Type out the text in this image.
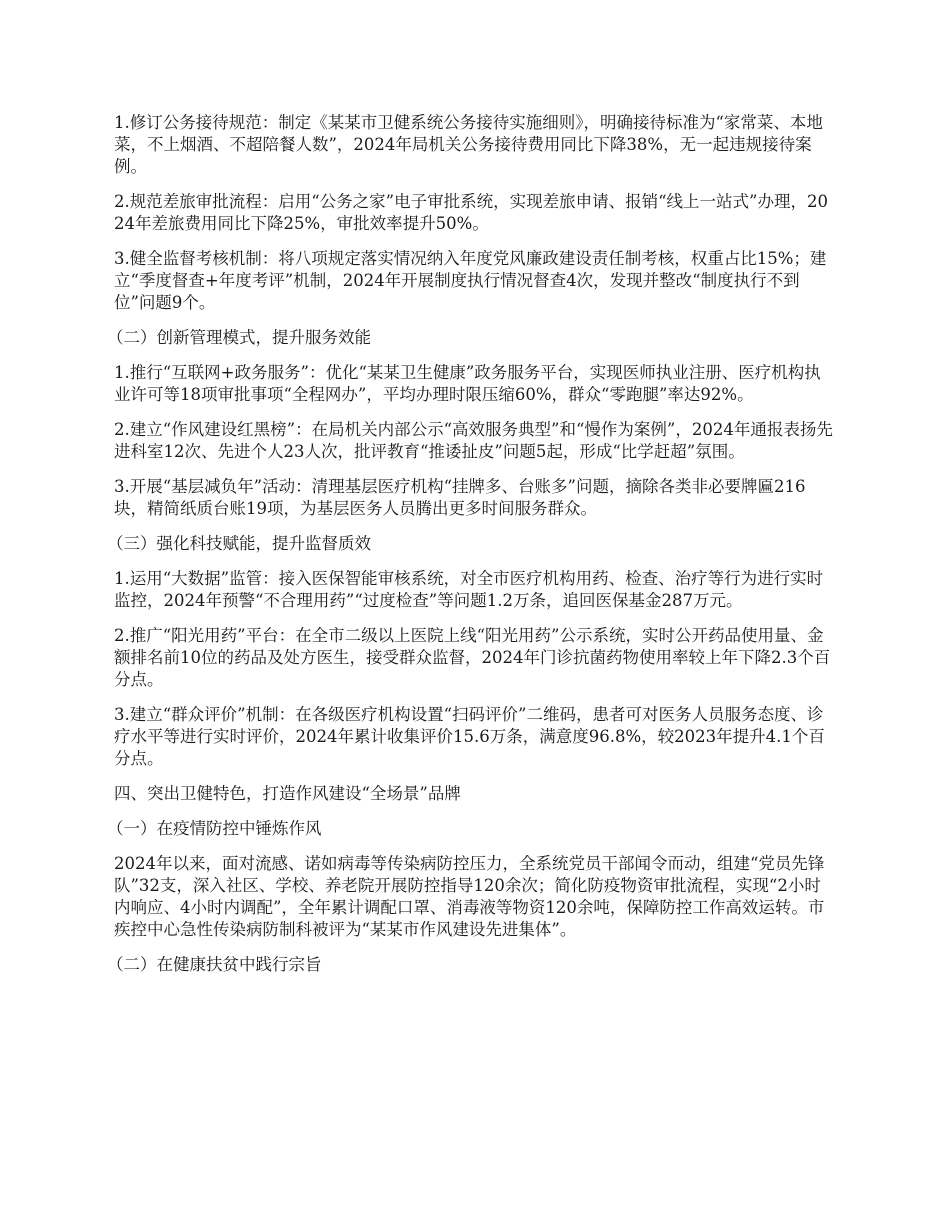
1.修订公务接待规范：制定《某某市卫健系统公务接待实施细则》，明确接待标准为“家常菜、本地菜，不上烟酒、不超陪餐人数”，2024年局机关公务接待费用同比下降38%，无一起违规接待案例。

2.规范差旅审批流程：启用“公务之家”电子审批系统，实现差旅申请、报销“线上一站式”办理，2024年差旅费用同比下降25%，审批效率提升50%。

3.健全监督考核机制：将八项规定落实情况纳入年度党风廉政建设责任制考核，权重占比15%；建立“季度督查+年度考评”机制，2024年开展制度执行情况督查4次，发现并整改“制度执行不到位”问题9个。

（二）创新管理模式，提升服务效能

1.推行“互联网+政务服务”：优化“某某卫生健康”政务服务平台，实现医师执业注册、医疗机构执业许可等18项审批事项“全程网办”，平均办理时限压缩60%，群众“零跑腿”率达92%。

2.建立“作风建设红黑榜”：在局机关内部公示“高效服务典型”和“慢作为案例”，2024年通报表扬先进科室12次、先进个人23人次，批评教育“推诿扯皮”问题5起，形成“比学赶超”氛围。

3.开展“基层减负年”活动：清理基层医疗机构“挂牌多、台账多”问题，摘除各类非必要牌匾216块，精简纸质台账19项，为基层医务人员腾出更多时间服务群众。

（三）强化科技赋能，提升监督质效

1.运用“大数据”监管：接入医保智能审核系统，对全市医疗机构用药、检查、治疗等行为进行实时监控，2024年预警“不合理用药”“过度检查”等问题1.2万条，追回医保基金287万元。

2.推广“阳光用药”平台：在全市二级以上医院上线“阳光用药”公示系统，实时公开药品使用量、金额排名前10位的药品及处方医生，接受群众监督，2024年门诊抗菌药物使用率较上年下降2.3个百分点。

3.建立“群众评价”机制：在各级医疗机构设置“扫码评价”二维码，患者可对医务人员服务态度、诊疗水平等进行实时评价，2024年累计收集评价15.6万条，满意度96.8%，较2023年提升4.1个百分点。

四、突出卫健特色，打造作风建设“全场景”品牌

（一）在疫情防控中锤炼作风

2024年以来，面对流感、诺如病毒等传染病防控压力，全系统党员干部闻令而动，组建“党员先锋队”32支，深入社区、学校、养老院开展防控指导120余次；简化防疫物资审批流程，实现“2小时内响应、4小时内调配”，全年累计调配口罩、消毒液等物资120余吨，保障防控工作高效运转。市疾控中心急性传染病防制科被评为“某某市作风建设先进集体”。

（二）在健康扶贫中践行宗旨
